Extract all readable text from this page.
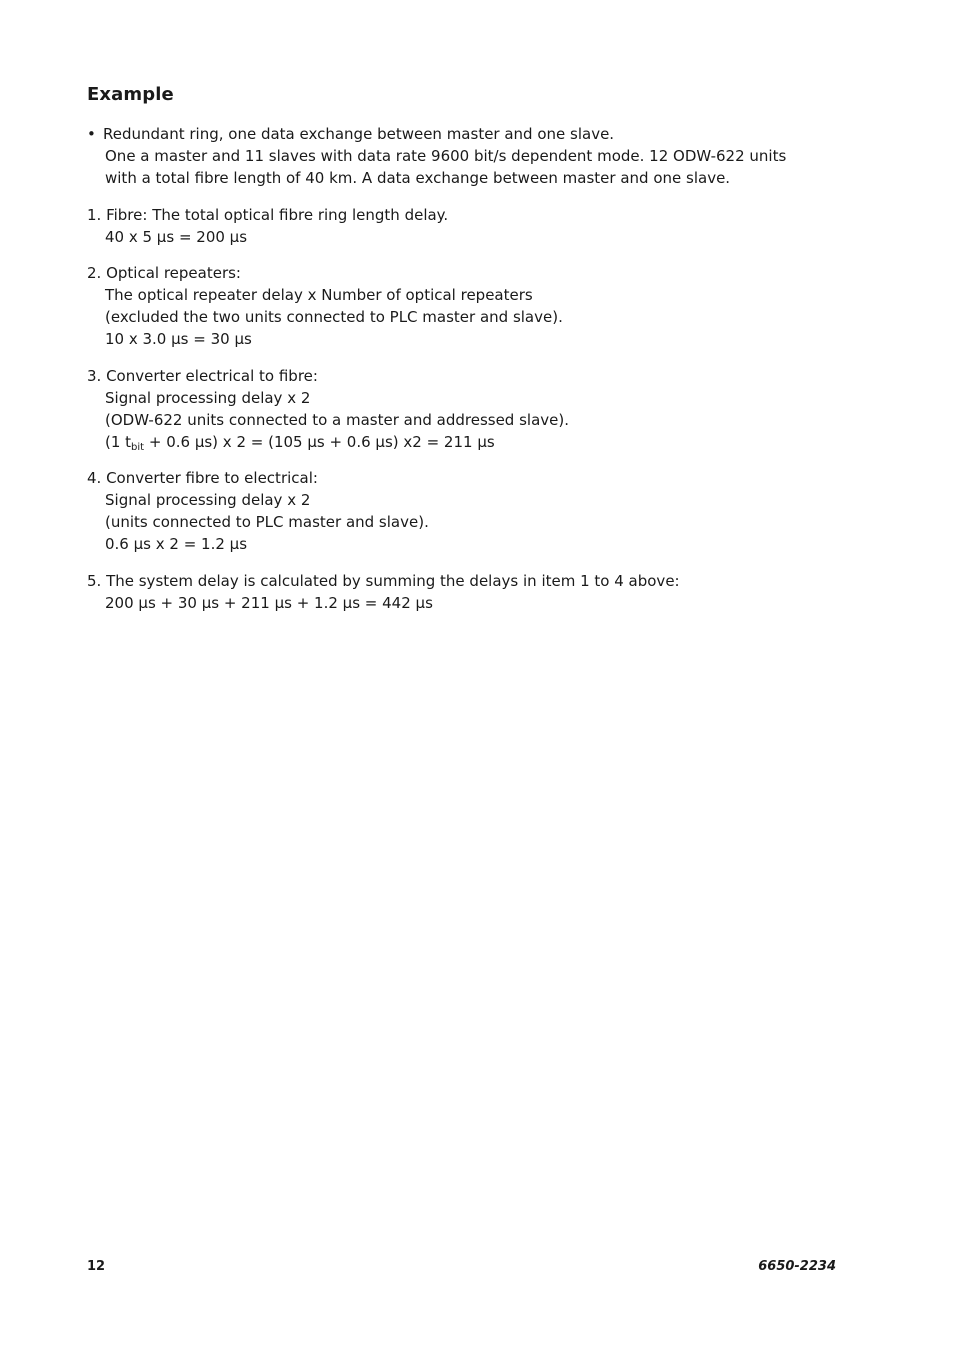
Example
• Redundant ring, one data exchange between master and one slave.
One a master and 11 slaves with data rate 9600 bit/s dependent mode. 12 ODW-622 units
with a total fibre length of 40 km. A data exchange between master and one slave.
1. Fibre: The total optical fibre ring length delay.
40 x 5 µs = 200 µs
2. Optical repeaters:
The optical repeater delay x Number of optical repeaters
(excluded the two units connected to PLC master and slave).
10 x 3.0 µs = 30 µs
3. Converter electrical to fibre:
Signal processing delay x 2
(ODW-622 units connected to a master and addressed slave).
(1 $t_{bit} + 0.6$ µs) x 2 = (105 µs + 0.6 µs) x2 = 211 µs
4. Converter fibre to electrical:
Signal processing delay x 2
(units connected to PLC master and slave).
0.6 µs x 2 = 1.2 µs
5. The system delay is calculated by summing the delays in item 1 to 4 above:
200 µs + 30 µs + 211 µs + 1.2 µs = 442 µs
12	6650-2234
